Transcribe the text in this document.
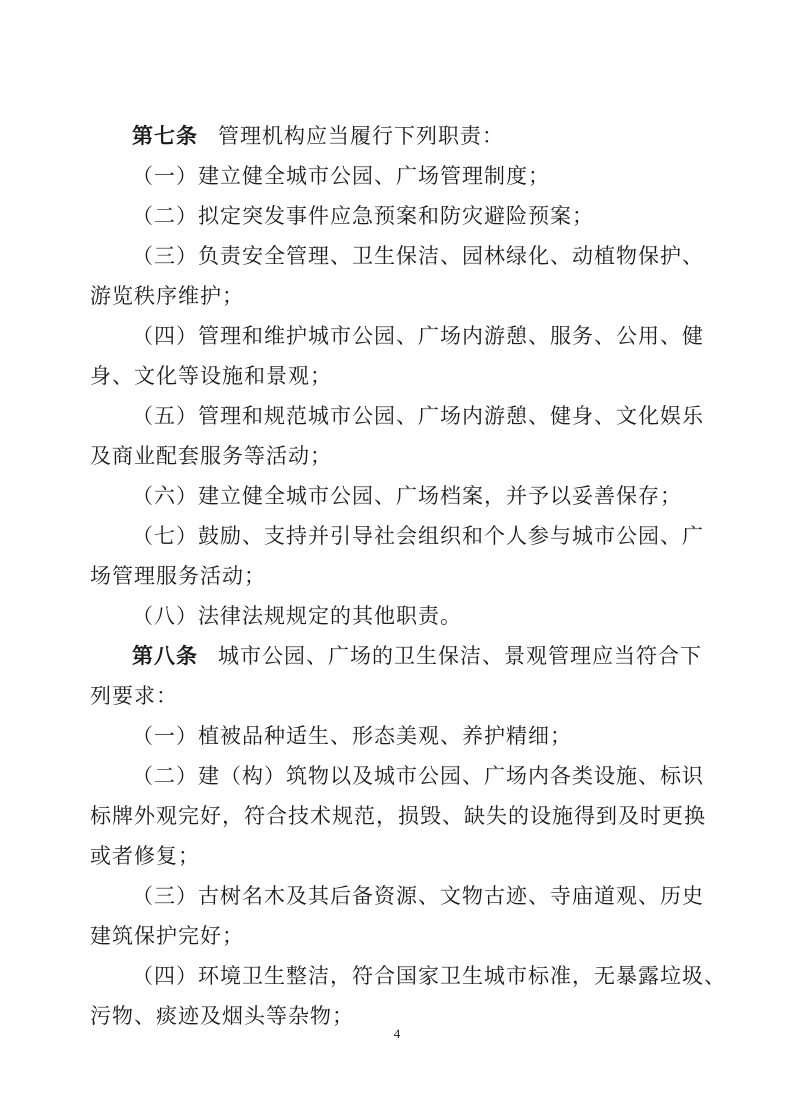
第七条 管理机构应当履行下列职责：
（一）建立健全城市公园、广场管理制度；
（二）拟定突发事件应急预案和防灾避险预案；
（三）负责安全管理、卫生保洁、园林绿化、动植物保护、
游览秩序维护；
（四）管理和维护城市公园、广场内游憩、服务、公用、健
身、文化等设施和景观；
（五）管理和规范城市公园、广场内游憩、健身、文化娱乐
及商业配套服务等活动；
（六）建立健全城市公园、广场档案，并予以妥善保存；
（七）鼓励、支持并引导社会组织和个人参与城市公园、广
场管理服务活动；
（八）法律法规规定的其他职责。
第八条 城市公园、广场的卫生保洁、景观管理应当符合下
列要求：
（一）植被品种适生、形态美观、养护精细；
（二）建（构）筑物以及城市公园、广场内各类设施、标识
标牌外观完好，符合技术规范，损毁、缺失的设施得到及时更换
或者修复；
（三）古树名木及其后备资源、文物古迹、寺庙道观、历史
建筑保护完好；
（四）环境卫生整洁，符合国家卫生城市标准，无暴露垃圾、
污物、痰迹及烟头等杂物；
4
